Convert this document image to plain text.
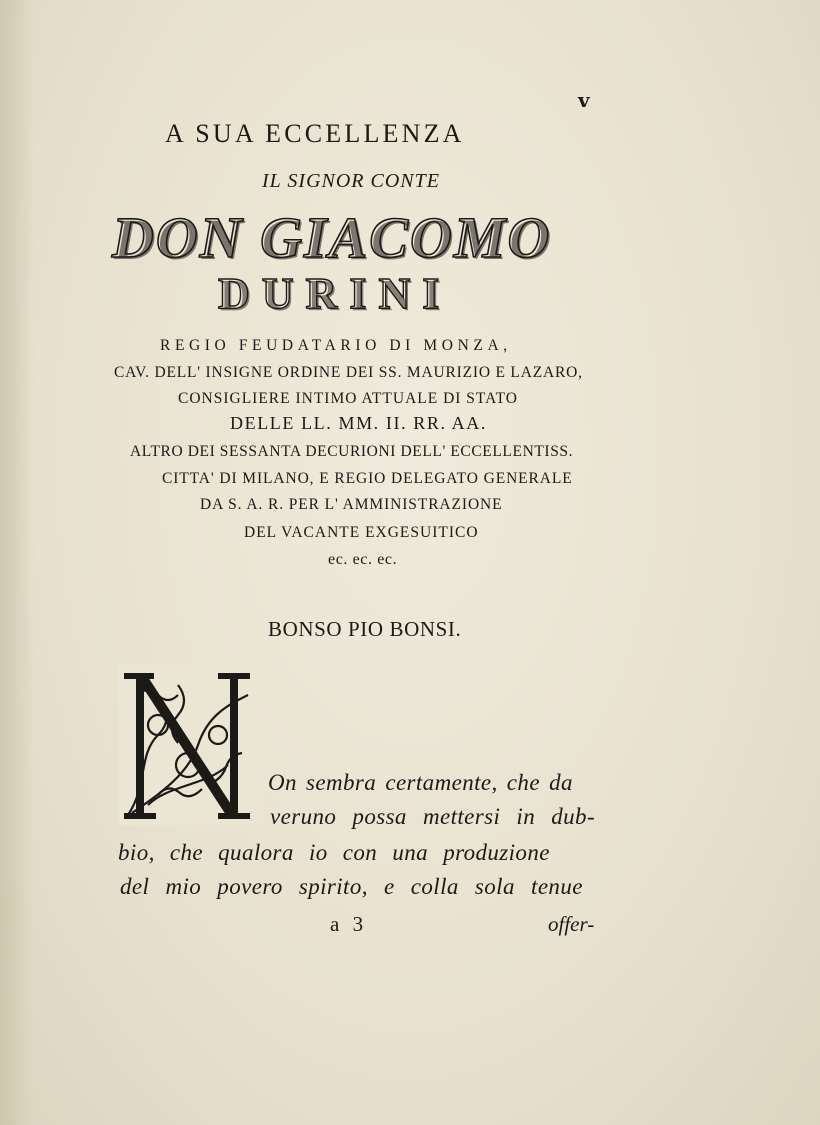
v
A SUA ECCELLENZA
IL SIGNOR CONTE
DON GIACOMO
DURINI
REGIO FEUDATARIO DI MONZA,
CAV. DELL' INSIGNE ORDINE DEI SS. MAURIZIO E LAZARO,
CONSIGLIERE INTIMO ATTUALE DI STATO
DELLE LL. MM. II. RR. AA.
ALTRO DEI SESSANTA DECURIONI DELL' ECCELLENTISS.
CITTA' DI MILANO, E REGIO DELEGATO GENERALE
DA S. A. R. PER L' AMMINISTRAZIONE
DEL VACANTE EXGESUITICO
ec. ec. ec.
BONSO PIO BONSI.
On sembra certamente, che da
veruno possa mettersi in dub-
bio, che qualora io con una produzione
del mio povero spirito, e colla sola tenue
a 3	offer-
